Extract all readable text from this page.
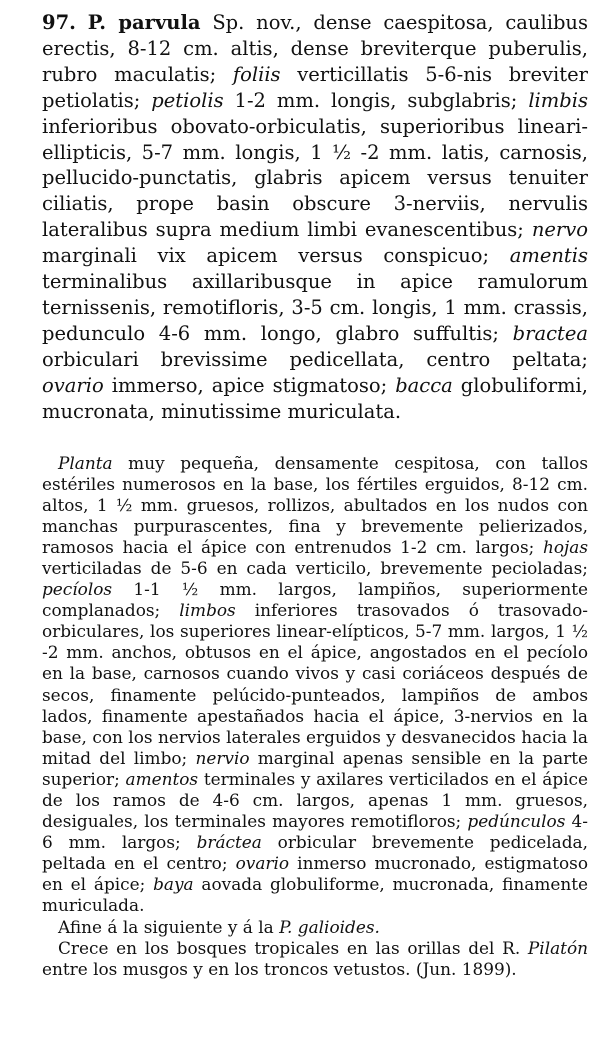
97. P. parvula Sp. nov., dense caespitosa, caulibus erectis, 8-12 cm. altis, dense breviterque puberulis, rubro maculatis; foliis verticillatis 5-6-nis breviter petiolatis; petiolis 1-2 mm. longis, subglabris; limbis inferioribus obovato-orbiculatis, superioribus lineari-ellipticis, 5-7 mm. longis, 1 ½ -2 mm. latis, carnosis, pellucido-punctatis, glabris apicem versus tenuiter ciliatis, prope basin obscure 3-nerviis, nervulis lateralibus supra medium limbi evanescentibus; nervo marginali vix apicem versus conspicuo; amentis terminalibus axillaribusque in apice ramulorum ternissenis, remotifloris, 3-5 cm. longis, 1 mm. crassis, pedunculo 4-6 mm. longo, glabro suffultis; bractea orbiculari brevissime pedicellata, centro peltata; ovario immerso, apice stigmatoso; bacca globuliformi, mucronata, minutissime muriculata.

Planta muy pequeña, densamente cespitosa, con tallos estériles numerosos en la base, los fértiles erguidos, 8-12 cm. altos, 1 ½ mm. gruesos, rollizos, abultados en los nudos con manchas purpurascentes, fina y brevemente pelierizados, ramosos hacia el ápice con entrenudos 1-2 cm. largos; hojas verticiladas de 5-6 en cada verticilo, brevemente pecioladas; pecíolos 1-1 ½ mm. largos, lampiños, superiormente complanados; limbos inferiores trasovados ó trasovado-orbiculares, los superiores linear-elípticos, 5-7 mm. largos, 1 ½ -2 mm. anchos, obtusos en el ápice, angostados en el pecíolo en la base, carnosos cuando vivos y casi coriáceos después de secos, finamente pelúcido-punteados, lampiños de ambos lados, finamente apestañados hacia el ápice, 3-nervios en la base, con los nervios laterales erguidos y desvanecidos hacia la mitad del limbo; nervio marginal apenas sensible en la parte superior; amentos terminales y axilares verticilados en el ápice de los ramos de 4-6 cm. largos, apenas 1 mm. gruesos, desiguales, los terminales mayores remotifloros; pedúnculos 4-6 mm. largos; bráctea orbicular brevemente pedicelada, peltada en el centro; ovario inmerso mucronado, estigmatoso en el ápice; baya aovada globuliforme, mucronada, finamente muriculada.

Afine á la siguiente y á la P. galioides.

Crece en los bosques tropicales en las orillas del R. Pilatón entre los musgos y en los troncos vetustos. (Jun. 1899).
